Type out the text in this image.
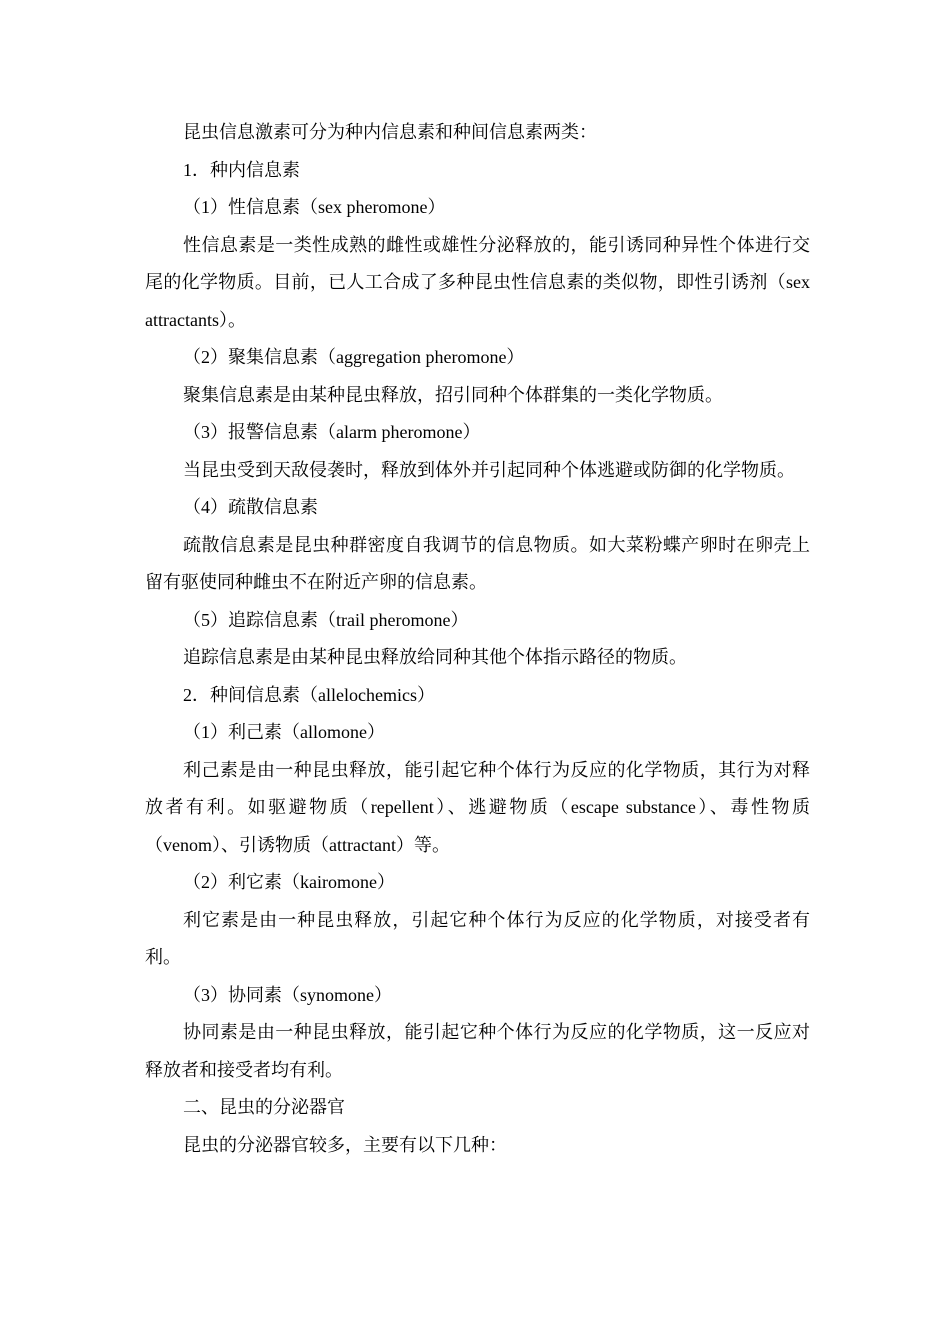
昆虫信息激素可分为种内信息素和种间信息素两类：

1．种内信息素

（1）性信息素（sex pheromone）

性信息素是一类性成熟的雌性或雄性分泌释放的，能引诱同种异性个体进行交尾的化学物质。目前，已人工合成了多种昆虫性信息素的类似物，即性引诱剂（sex attractants）。

（2）聚集信息素（aggregation pheromone）

聚集信息素是由某种昆虫释放，招引同种个体群集的一类化学物质。

（3）报警信息素（alarm pheromone）

当昆虫受到天敌侵袭时，释放到体外并引起同种个体逃避或防御的化学物质。

（4）疏散信息素

疏散信息素是昆虫种群密度自我调节的信息物质。如大菜粉蝶产卵时在卵壳上留有驱使同种雌虫不在附近产卵的信息素。

（5）追踪信息素（trail pheromone）

追踪信息素是由某种昆虫释放给同种其他个体指示路径的物质。

2．种间信息素（allelochemics）

（1）利己素（allomone）

利己素是由一种昆虫释放，能引起它种个体行为反应的化学物质，其行为对释放者有利。如驱避物质（repellent）、逃避物质（escape substance）、毒性物质（venom）、引诱物质（attractant）等。

（2）利它素（kairomone）

利它素是由一种昆虫释放，引起它种个体行为反应的化学物质，对接受者有利。

（3）协同素（synomone）

协同素是由一种昆虫释放，能引起它种个体行为反应的化学物质，这一反应对释放者和接受者均有利。

二、昆虫的分泌器官

昆虫的分泌器官较多，主要有以下几种：
